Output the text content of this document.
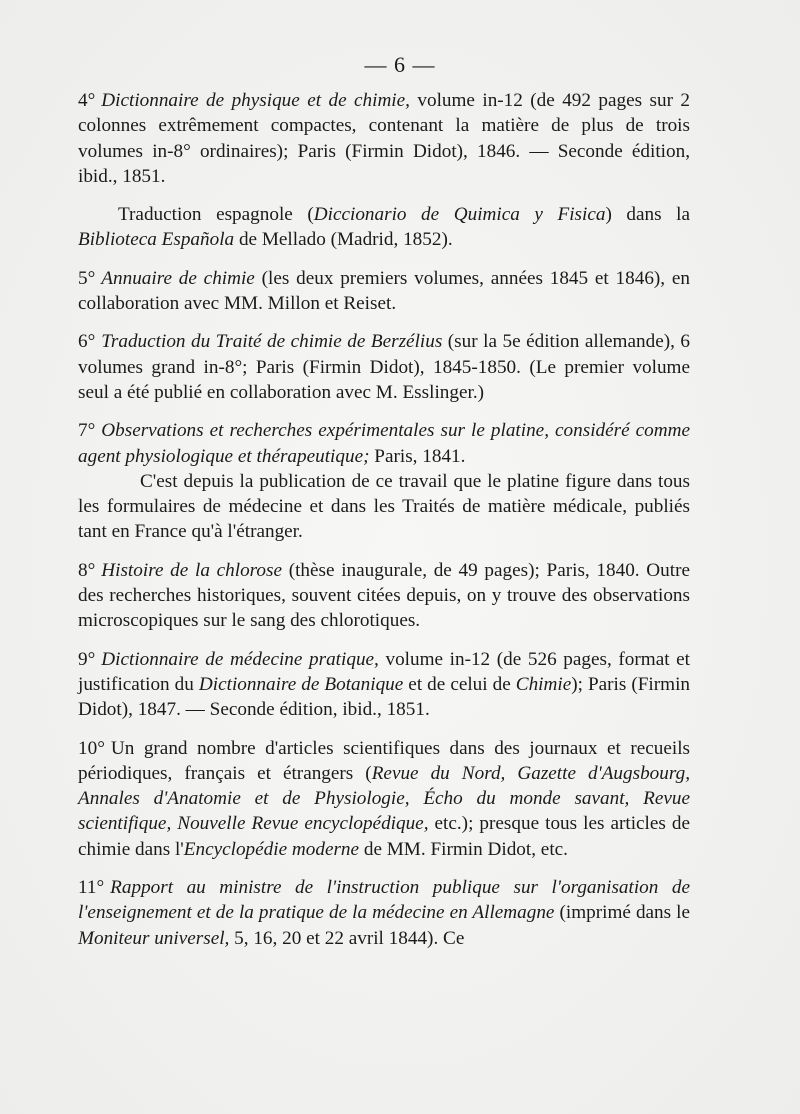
— 6 —

4° Dictionnaire de physique et de chimie, volume in-12 (de 492 pages sur 2 colonnes extrêmement compactes, contenant la matière de plus de trois volumes in-8° ordinaires); Paris (Firmin Didot), 1846. — Seconde édition, ibid., 1851.

Traduction espagnole (Diccionario de Quimica y Fisica) dans la Biblioteca Española de Mellado (Madrid, 1852).

5° Annuaire de chimie (les deux premiers volumes, années 1845 et 1846), en collaboration avec MM. Millon et Reiset.

6° Traduction du Traité de chimie de Berzélius (sur la 5e édition allemande), 6 volumes grand in-8°; Paris (Firmin Didot), 1845-1850. (Le premier volume seul a été publié en collaboration avec M. Esslinger.)

7° Observations et recherches expérimentales sur le platine, considéré comme agent physiologique et thérapeutique; Paris, 1841.

C'est depuis la publication de ce travail que le platine figure dans tous les formulaires de médecine et dans les Traités de matière médicale, publiés tant en France qu'à l'étranger.

8° Histoire de la chlorose (thèse inaugurale, de 49 pages); Paris, 1840. Outre des recherches historiques, souvent citées depuis, on y trouve des observations microscopiques sur le sang des chlorotiques.

9° Dictionnaire de médecine pratique, volume in-12 (de 526 pages, format et justification du Dictionnaire de Botanique et de celui de Chimie); Paris (Firmin Didot), 1847. — Seconde édition, ibid., 1851.

10° Un grand nombre d'articles scientifiques dans des journaux et recueils périodiques, français et étrangers (Revue du Nord, Gazette d'Augsbourg, Annales d'Anatomie et de Physiologie, Écho du monde savant, Revue scientifique, Nouvelle Revue encyclopédique, etc.); presque tous les articles de chimie dans l'Encyclopédie moderne de MM. Firmin Didot, etc.

11° Rapport au ministre de l'instruction publique sur l'organisation de l'enseignement et de la pratique de la médecine en Allemagne (imprimé dans le Moniteur universel, 5, 16, 20 et 22 avril 1844). Ce
